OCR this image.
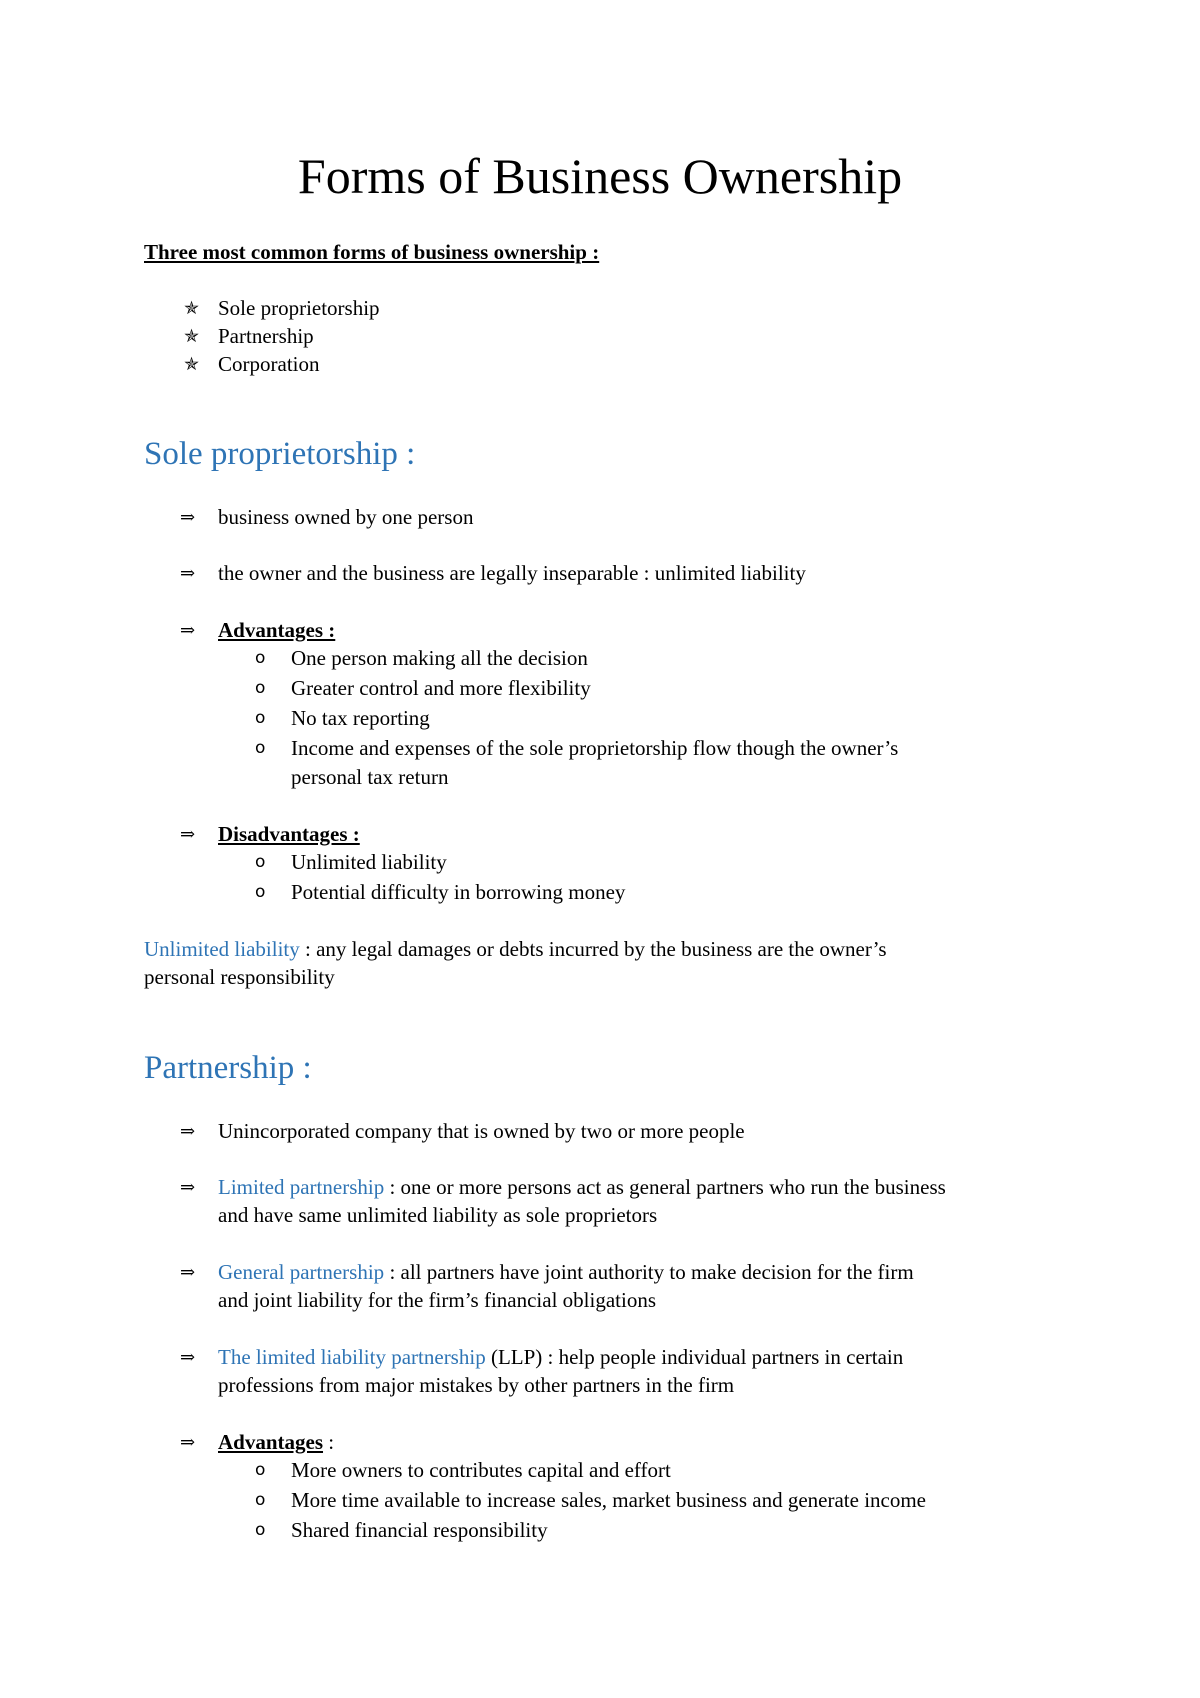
Forms of Business Ownership
Three most common forms of business ownership :
✯ Sole proprietorship
✯ Partnership
✯ Corporation
Sole proprietorship :
⇒ business owned by one person
⇒ the owner and the business are legally inseparable : unlimited liability
⇒ Advantages :
o One person making all the decision
o Greater control and more flexibility
o No tax reporting
o Income and expenses of the sole proprietorship flow though the owner’s
personal tax return
⇒ Disadvantages :
o Unlimited liability
o Potential difficulty in borrowing money
Unlimited liability : any legal damages or debts incurred by the business are the owner’s
personal responsibility
Partnership :
⇒ Unincorporated company that is owned by two or more people
⇒ Limited partnership : one or more persons act as general partners who run the business
and have same unlimited liability as sole proprietors
⇒ General partnership : all partners have joint authority to make decision for the firm
and joint liability for the firm’s financial obligations
⇒ The limited liability partnership (LLP) : help people individual partners in certain
professions from major mistakes by other partners in the firm
⇒ Advantages :
o More owners to contributes capital and effort
o More time available to increase sales, market business and generate income
o Shared financial responsibility
